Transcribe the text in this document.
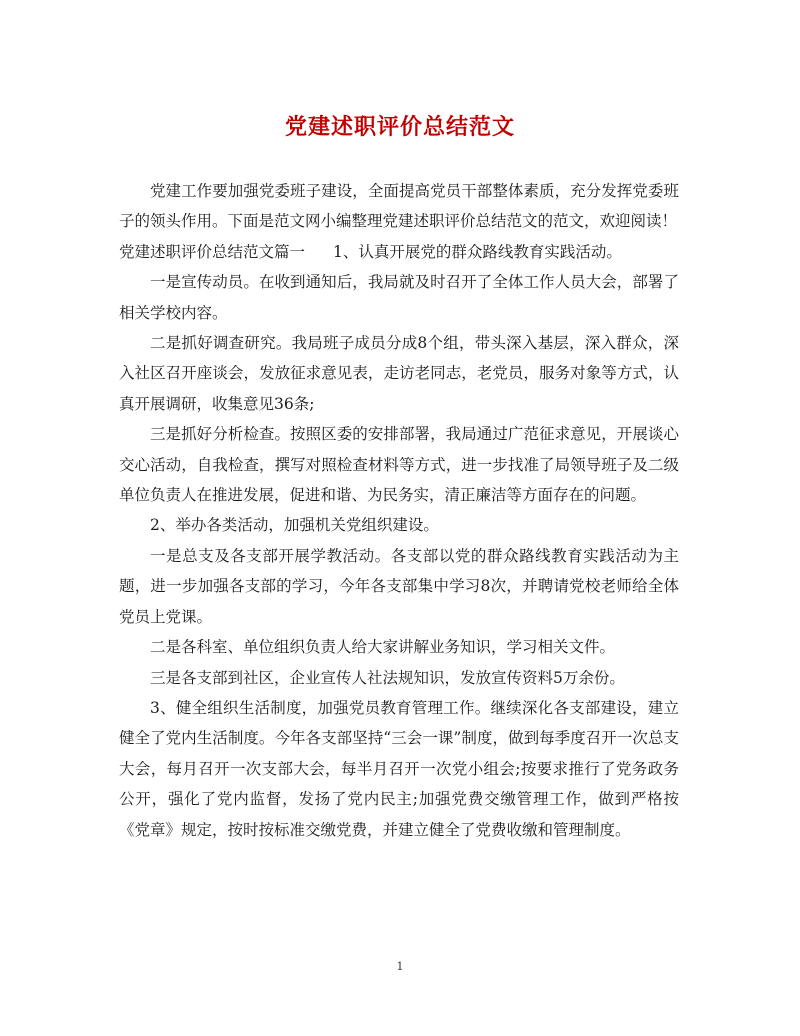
党建述职评价总结范文

党建工作要加强党委班子建设，全面提高党员干部整体素质，充分发挥党委班子的领头作用。下面是范文网小编整理党建述职评价总结范文的范文，欢迎阅读！

党建述职评价总结范文篇一 1、认真开展党的群众路线教育实践活动。

一是宣传动员。在收到通知后，我局就及时召开了全体工作人员大会，部署了相关学校内容。

二是抓好调查研究。我局班子成员分成8个组，带头深入基层，深入群众，深入社区召开座谈会，发放征求意见表，走访老同志，老党员，服务对象等方式，认真开展调研，收集意见36条;

三是抓好分析检查。按照区委的安排部署，我局通过广范征求意见，开展谈心交心活动，自我检查，撰写对照检查材料等方式，进一步找准了局领导班子及二级单位负责人在推进发展，促进和谐、为民务实，清正廉洁等方面存在的问题。

2、举办各类活动，加强机关党组织建设。

一是总支及各支部开展学教活动。各支部以党的群众路线教育实践活动为主题，进一步加强各支部的学习，今年各支部集中学习8次，并聘请党校老师给全体党员上党课。

二是各科室、单位组织负责人给大家讲解业务知识，学习相关文件。

三是各支部到社区，企业宣传人社法规知识，发放宣传资料5万余份。

3、健全组织生活制度，加强党员教育管理工作。继续深化各支部建设，建立健全了党内生活制度。今年各支部坚持“三会一课”制度，做到每季度召开一次总支大会，每月召开一次支部大会，每半月召开一次党小组会;按要求推行了党务政务公开，强化了党内监督，发扬了党内民主;加强党费交缴管理工作，做到严格按《党章》规定，按时按标准交缴党费，并建立健全了党费收缴和管理制度。

1
